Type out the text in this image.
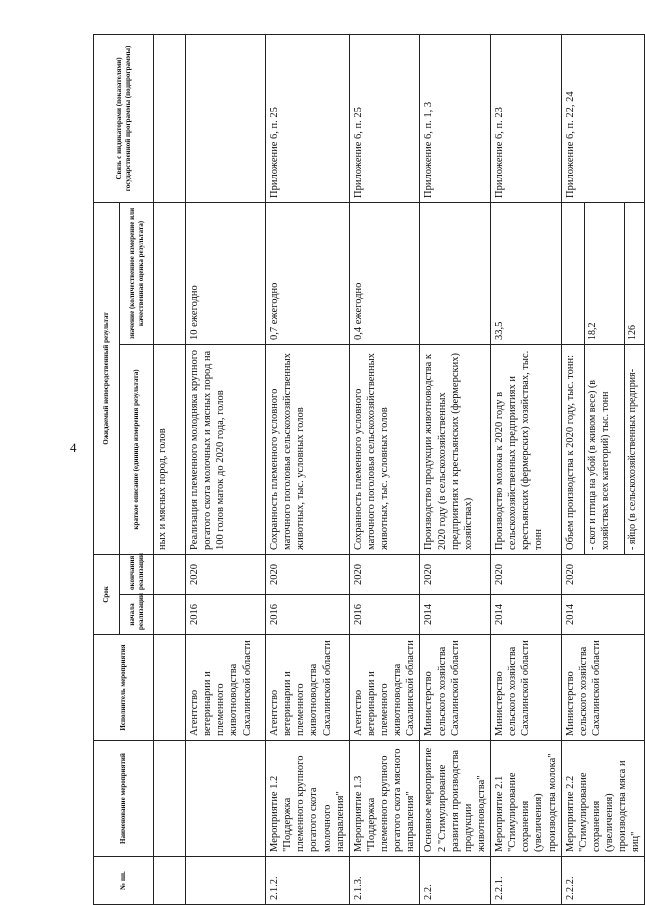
4
№ пп.	Наименование мероприятий	Исполнитель мероприятия	Срок		Ожидаемый непосредственный результат		Связь с индикаторами (показателями) государственной программы (подпрограммы)
			начала реализации	окончания реализации	краткое описание (единица измерения результата)	значение (количественное измерение или качественная оценка результата)	
					ных и мясных пород, голов		
		Агентство ветеринарии и племенного животноводства Сахалинской области	2016	2020	Реализация племенного молодняка крупного рогатого скота молочных и мясных пород на 100 голов маток до 2020 года, голов	10 ежегодно	
2.1.2.	Мероприятие 1.2 "Поддержка племенного крупного рогатого скота молочного направления"	Агентство ветеринарии и племенного животноводства Сахалинской области	2016	2020	Сохранность племенного условного маточного поголовья сельскохозяйственных животных, тыс. условных голов	0,7 ежегодно	Приложение 6, п. 25
2.1.3.	Мероприятие 1.3 "Поддержка племенного крупного рогатого скота мясного направления"	Агентство ветеринарии и племенного животноводства Сахалинской области	2016	2020	Сохранность племенного условного маточного поголовья сельскохозяйственных животных, тыс. условных голов	0,4 ежегодно	Приложение 6, п. 25
2.2.	Основное мероприятие 2 "Стимулирование развития производства продукции животноводства"	Министерство сельского хозяйства Сахалинской области	2014	2020	Производство продукции животноводства к 2020 году (в сельскохозяйственных предприятиях и крестьянских (фермерских) хозяйствах)		Приложение 6, п. 1, 3
2.2.1.	Мероприятие 2.1 "Стимулирование сохранения (увеличения) производства молока"	Министерство сельского хозяйства Сахалинской области	2014	2020	Производство молока к 2020 году в сельскохозяйственных предприятиях и крестьянских (фермерских) хозяйствах, тыс. тонн	33,5	Приложение 6, п. 23
2.2.2.	Мероприятие 2.2 "Стимулирование сохранения (увеличения) производства мяса и яиц"	Министерство сельского хозяйства Сахалинской области	2014	2020	Объем производства к 2020 году, тыс. тонн:		Приложение 6, п. 22, 24
					- скот и птица на убой (в живом весе) (в хозяйствах всех категорий) тыс. тонн	18,2	
					- яйцо (в сельскохозяйственных предприя-	126	
